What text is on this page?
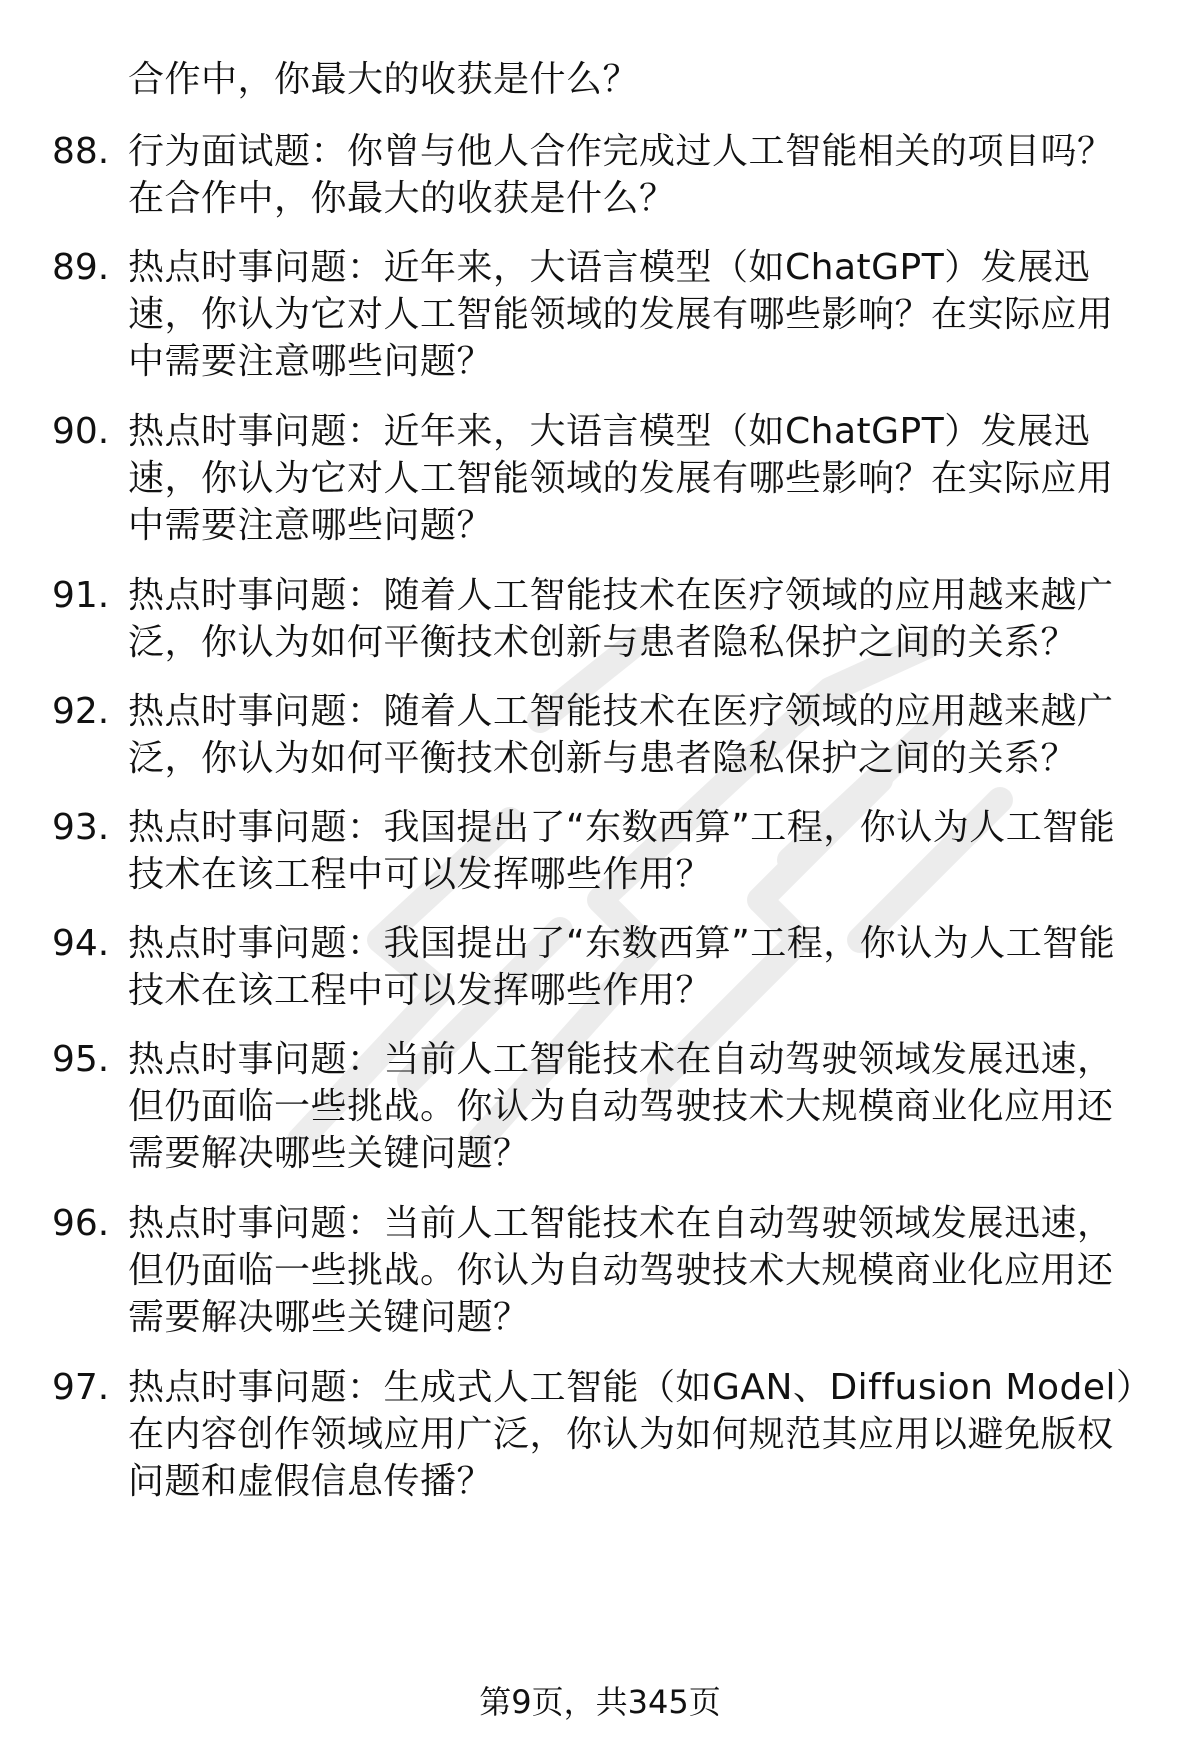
合作中，你最大的收获是什么？
88. 行为面试题：你曾与他人合作完成过人工智能相关的项目吗？在合作中，你最大的收获是什么？
89. 热点时事问题：近年来，大语言模型（如ChatGPT）发展迅速，你认为它对人工智能领域的发展有哪些影响？在实际应用中需要注意哪些问题？
90. 热点时事问题：近年来，大语言模型（如ChatGPT）发展迅速，你认为它对人工智能领域的发展有哪些影响？在实际应用中需要注意哪些问题？
91. 热点时事问题：随着人工智能技术在医疗领域的应用越来越广泛，你认为如何平衡技术创新与患者隐私保护之间的关系？
92. 热点时事问题：随着人工智能技术在医疗领域的应用越来越广泛，你认为如何平衡技术创新与患者隐私保护之间的关系？
93. 热点时事问题：我国提出了“东数西算”工程，你认为人工智能技术在该工程中可以发挥哪些作用？
94. 热点时事问题：我国提出了“东数西算”工程，你认为人工智能技术在该工程中可以发挥哪些作用？
95. 热点时事问题：当前人工智能技术在自动驾驶领域发展迅速，但仍面临一些挑战。你认为自动驾驶技术大规模商业化应用还需要解决哪些关键问题？
96. 热点时事问题：当前人工智能技术在自动驾驶领域发展迅速，但仍面临一些挑战。你认为自动驾驶技术大规模商业化应用还需要解决哪些关键问题？
97. 热点时事问题：生成式人工智能（如GAN、Diffusion Model）在内容创作领域应用广泛，你认为如何规范其应用以避免版权问题和虚假信息传播？
第9页，共345页
